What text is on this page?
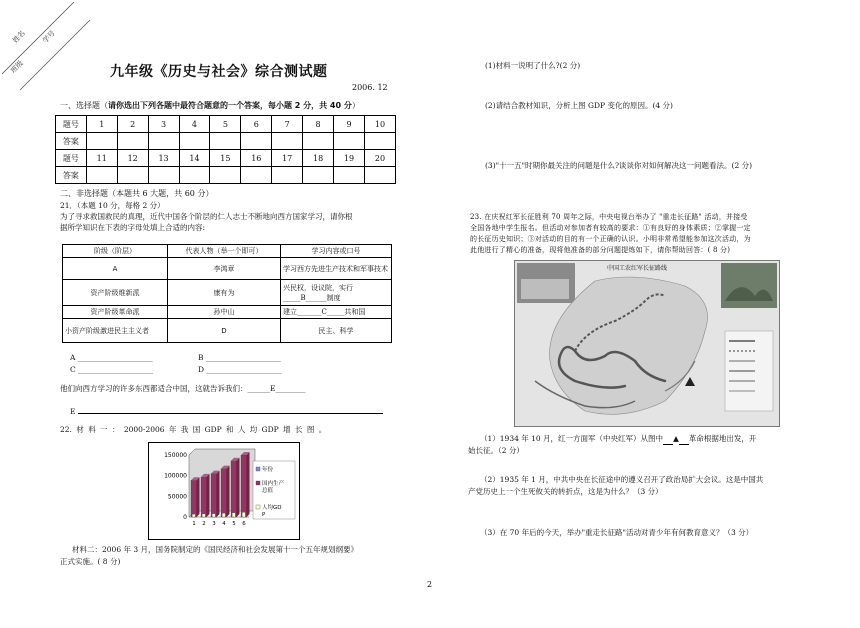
姓名 学号
班级	九年级《历史与社会》综合测试题
2006. 12
一、选择题（请你选出下列各题中最符合题意的一个答案，每小题 2 分，共 40 分）
题号	1	2	3	4	5	6	7	8	9	10
答案										
题号	11	12	13	14	15	16	17	18	19	20
答案										
二、非选择题（本题共 6 大题，共 60 分）
21．（本题 10 分，每格 2 分）
为了寻求救国救民的真理，近代中国各个阶层的仁人志士不断地向西方国家学习，请你根
据所学知识在下表的字母处填上合适的内容:
阶级（阶层）	代表人物（举一个即可）	学习内容或口号
A	李鸿章	学习西方先进生产技术和军事技术
资产阶级维新派	康有为	兴民权，设议院，实行_____B______制度
资产阶级革命派	孙中山	建立_______C_____共和国
小资产阶级激进民主主义者	D	民主、科学
A ____________________	B ____________________
C ____________________	D ____________________
他们向西方学习的许多东西都适合中国，这就告诉我们：______E________
E
22. 材 料 一 ： 2000-2006 年 我 国 GDP 和 人 均 GDP 增 长 图 。
150000
100000
50000
0
1 2 3 4 5 6
年份
国内生产
总值
人均GD
P
材料二：2006 年 3 月，国务院制定的《国民经济和社会发展第十一个五年规划纲要》
正式实施。( 8 分)
2
(1)材料一说明了什么?(2 分)
(2)请结合教材知识，分析上图 GDP 变化的原因。(4 分)
(3)"十一五"时期你最关注的问题是什么?谈谈你对如何解决这一问题看法。(2 分)
23. 在庆祝红军长征胜利 70 周年之际，中央电视台举办了 "重走长征路" 活动，并接受
全国各地中学生报名。但活动对参加者有较高的要求：①有良好的身体素质；②掌握一定
的长征历史知识；③对活动的目的有一个正确的认识。小明非常希望能参加这次活动，为
此他进行了精心的准备，现将他准备的部分问题提炼如下，请你帮助回答：( 8 分)
中国工农红军长征路线
（1）1934 年 10 月，红一方面军（中央红军）从图中 ▲ 革命根据地出发，开
始长征。（2 分）
（2）1935 年 1 月，中共中央在长征途中的遵义召开了政治局扩大会议。这是中国共
产党历史上一个生死攸关的转折点，这是为什么？（3 分）
（3）在 70 年后的今天，举办"重走长征路"活动对青少年有何教育意义？（3 分）
